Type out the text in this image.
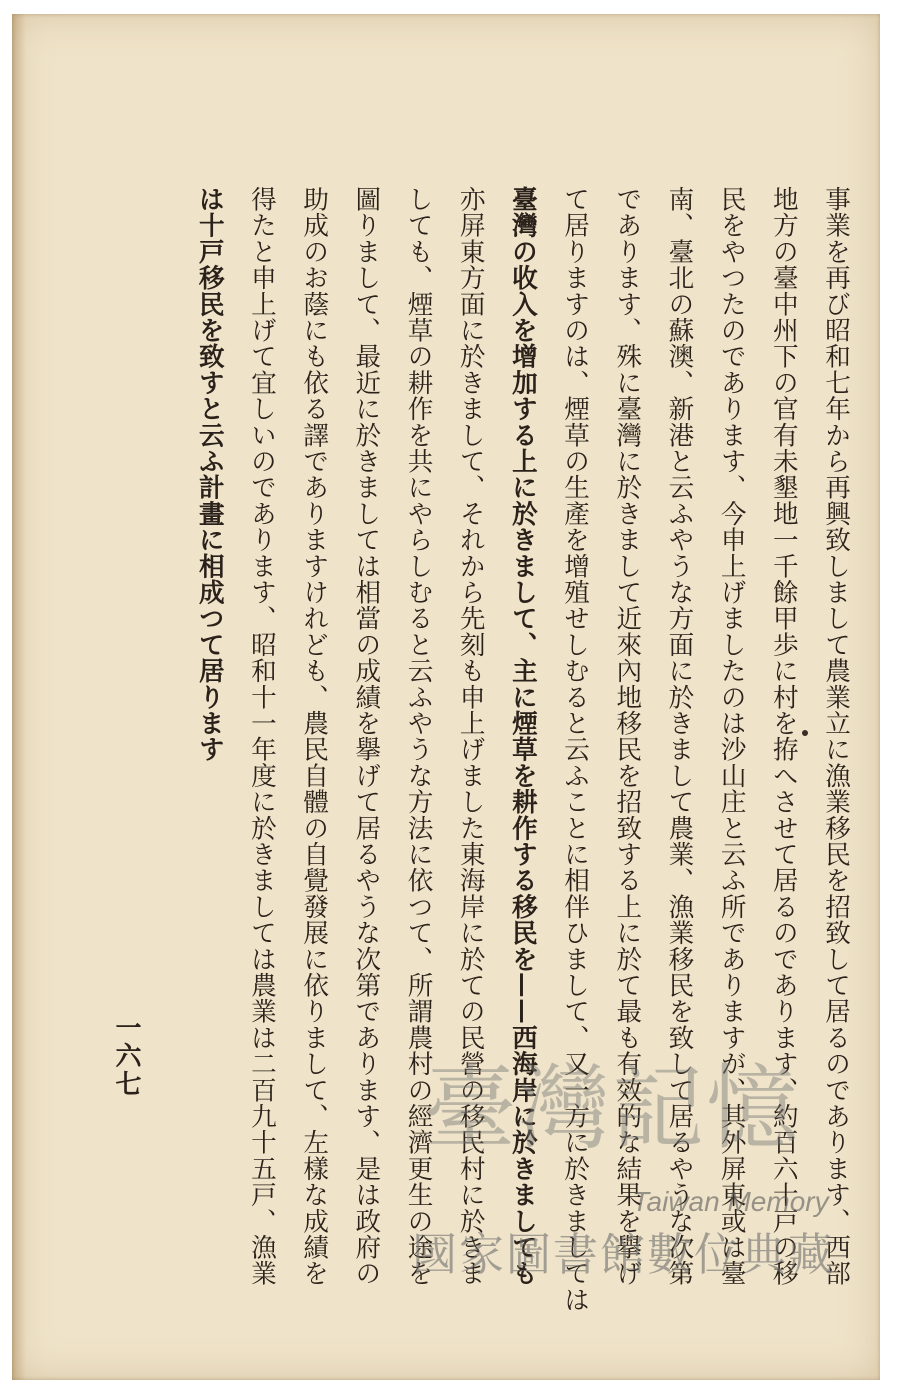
事業を再び昭和七年から再興致しまして農業立に漁業移民を招致して居るのであります、西部
地方の臺中州下の官有未墾地一千餘甲歩に村を拵へさせて居るのであります、約百六十戸の移
民をやつたのであります、今申上げましたのは沙山庄と云ふ所でありますが、其外屏東或は臺
南、臺北の蘇澳、新港と云ふやうな方面に於きまして農業、漁業移民を致して居るやうな次第
であります、殊に臺灣に於きまして近來內地移民を招致する上に於て最も有效的な結果を擧げ
て居りますのは、煙草の生產を增殖せしむると云ふことに相伴ひまして、又一方に於きましては
臺灣の收入を增加する上に於きまして、主に煙草を耕作する移民を——西海岸に於きましても
亦屏東方面に於きまして、それから先刻も申上げました東海岸に於ての民營の移民村に於きま
しても、煙草の耕作を共にやらしむると云ふやうな方法に依つて、所謂農村の經濟更生の途を
圖りまして、最近に於きましては相當の成績を擧げて居るやうな次第であります、是は政府の
助成のお蔭にも依る譯でありますけれども、農民自體の自覺發展に依りまして、左樣な成績を
得たと申上げて宜しいのであります、昭和十一年度に於きましては農業は二百九十五戸、漁業
は十戸移民を致すと云ふ計畫に相成つて居ります
一六七	臺灣記憶
Taiwan Memory
國家圖書館數位典藏
